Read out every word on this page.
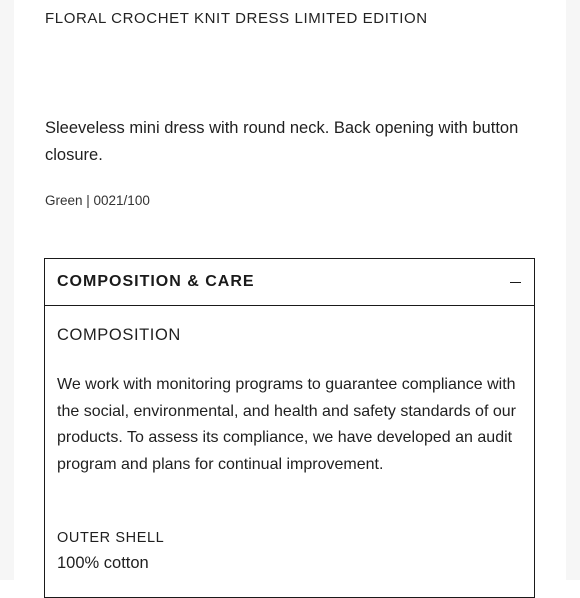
FLORAL CROCHET KNIT DRESS LIMITED EDITION
Sleeveless mini dress with round neck. Back opening with button closure.
Green | 0021/100
COMPOSITION & CARE
COMPOSITION
We work with monitoring programs to guarantee compliance with the social, environmental, and health and safety standards of our products. To assess its compliance, we have developed an audit program and plans for continual improvement.
OUTER SHELL
100% cotton
